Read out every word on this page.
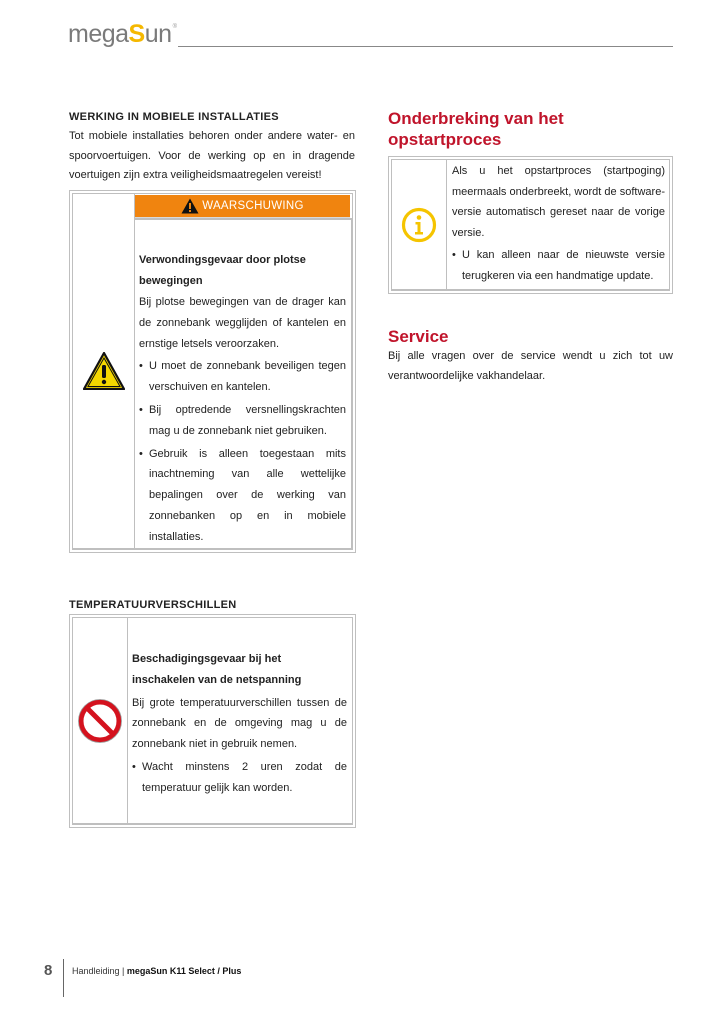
megaSun ®
WERKING IN MOBIELE INSTALLATIES
Tot mobiele installaties behoren onder andere water- en spoorvoertuigen. Voor de werking op en in dragende voertuigen zijn extra veiligheidsmaatregelen vereist!
WAARSCHUWING
Verwondingsgevaar door plotse bewegingen
Bij plotse bewegingen van de drager kan de zonnebank wegglijden of kantelen en ernstige letsels veroorzaken.
• U moet de zonnebank beveiligen tegen verschuiven en kantelen.
• Bij optredende versnellingskrachten mag u de zonnebank niet gebruiken.
• Gebruik is alleen toegestaan mits inachtneming van alle wettelijke bepalingen over de werking van zonnebanken op en in mobiele installaties.
TEMPERATUURVERSCHILLEN
Beschadigingsgevaar bij het inschakelen van de netspanning
Bij grote temperatuurverschillen tussen de zonnebank en de omgeving mag u de zonnebank niet in gebruik nemen.
• Wacht minstens 2 uren zodat de temperatuur gelijk kan worden.
Onderbreking van het opstartproces
Als u het opstartproces (startpoging) meermaals onderbreekt, wordt de softwareversie automatisch gereset naar de vorige versie.
• U kan alleen naar de nieuwste versie terugkeren via een handmatige update.
Service
Bij alle vragen over de service wendt u zich tot uw verantwoordelijke vakhandelaar.
8 Handleiding | megaSun K11 Select / Plus
